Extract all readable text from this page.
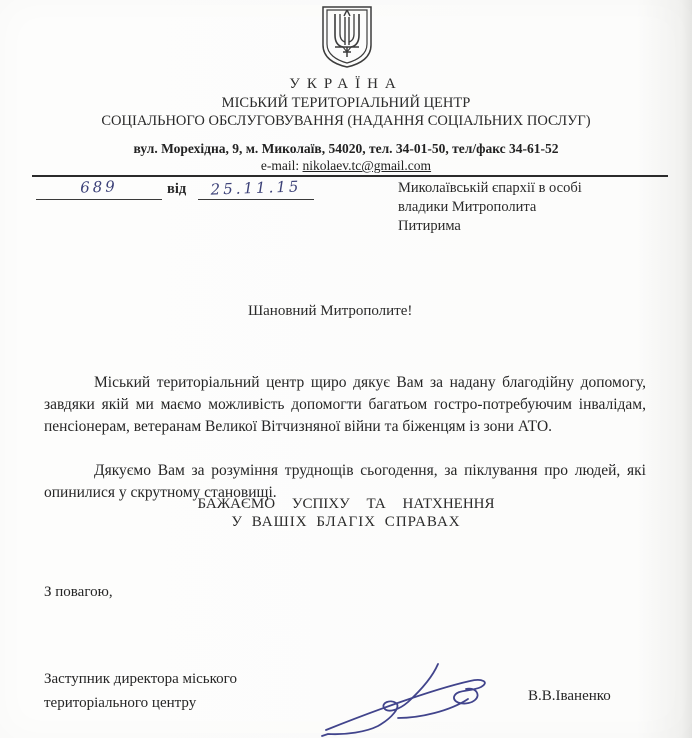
УКРАЇНА
МІСЬКИЙ ТЕРИТОРІАЛЬНИЙ ЦЕНТР
СОЦІАЛЬНОГО ОБСЛУГОВУВАННЯ (НАДАННЯ СОЦІАЛЬНИХ ПОСЛУГ)
вул. Морехідна, 9, м. Миколаїв, 54020, тел. 34-01-50, тел/факс 34-61-52
e-mail: nikolaev.tc@gmail.com
689	від	25.11.15	Миколаївській єпархії в особі
владики Митрополита
Питирима
Шановний Митрополите!
Міський територіальний центр щиро дякує Вам за надану благодійну допомогу, завдяки якій ми маємо можливість допомогти багатьом гостро-потребуючим інвалідам, пенсіонерам, ветеранам Великої Вітчизняної війни та біженцям із зони АТО.
Дякуємо Вам за розуміння труднощів сьогодення, за піклування про людей, які опинилися у скрутному становищі.
БАЖАЄМО УСПІХУ ТА НАТХНЕННЯ
У ВАШІХ БЛАГІХ СПРАВАХ
З повагою,
Заступник директора міського
територіального центру	В.В.Іваненко
